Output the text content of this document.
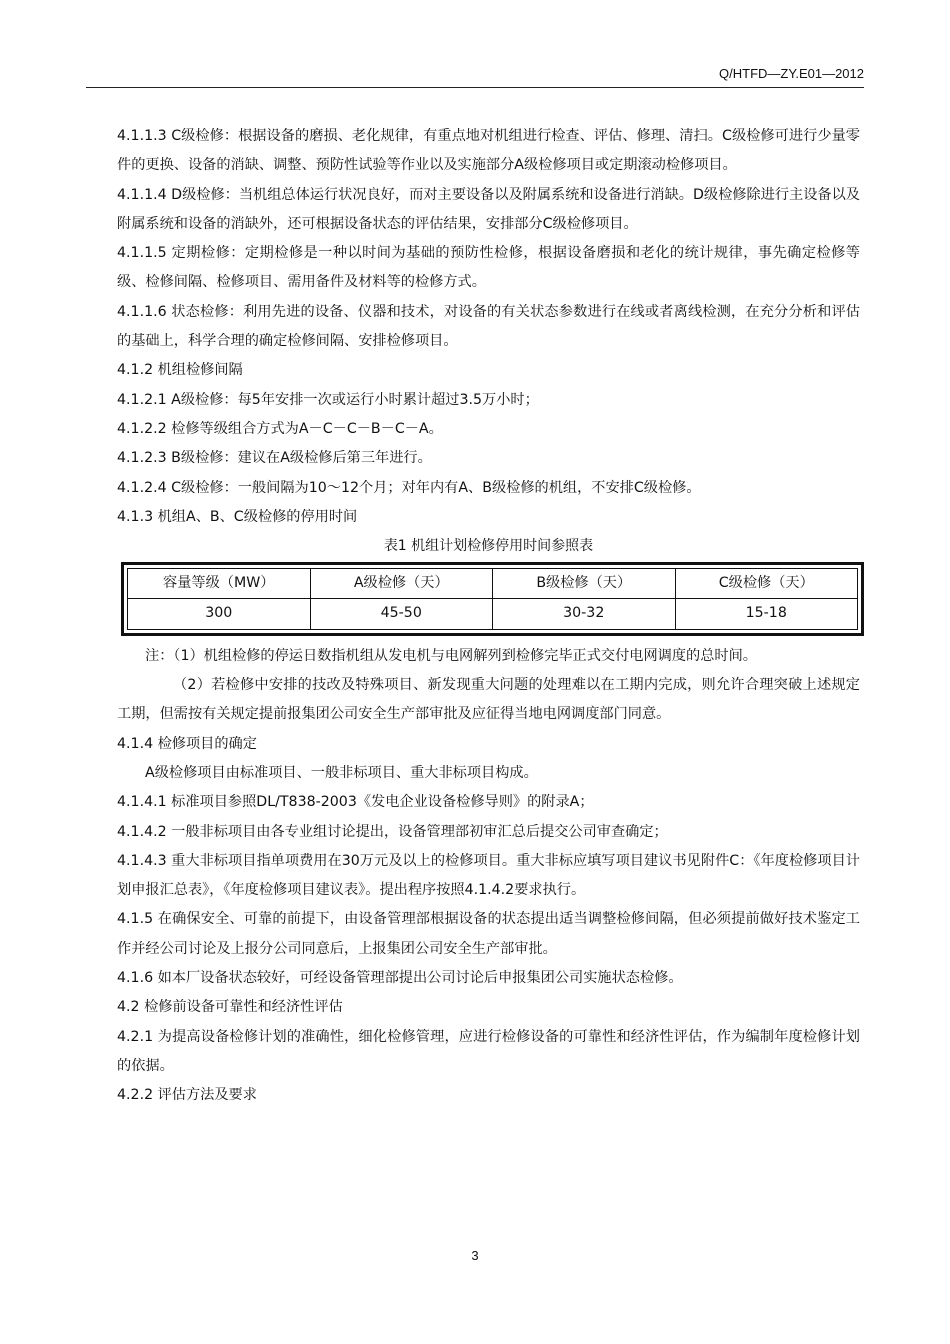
Q/HTFD—ZY.E01—2012

4.1.1.3 C级检修：根据设备的磨损、老化规律，有重点地对机组进行检查、评估、修理、清扫。C级检修可进行少量零件的更换、设备的消缺、调整、预防性试验等作业以及实施部分A级检修项目或定期滚动检修项目。

4.1.1.4 D级检修：当机组总体运行状况良好，而对主要设备以及附属系统和设备进行消缺。D级检修除进行主设备以及附属系统和设备的消缺外，还可根据设备状态的评估结果，安排部分C级检修项目。

4.1.1.5 定期检修：定期检修是一种以时间为基础的预防性检修，根据设备磨损和老化的统计规律，事先确定检修等级、检修间隔、检修项目、需用备件及材料等的检修方式。

4.1.1.6 状态检修：利用先进的设备、仪器和技术，对设备的有关状态参数进行在线或者离线检测，在充分分析和评估的基础上，科学合理的确定检修间隔、安排检修项目。

4.1.2 机组检修间隔

4.1.2.1 A级检修：每5年安排一次或运行小时累计超过3.5万小时；

4.1.2.2 检修等级组合方式为A－C－C－B－C－A。

4.1.2.3 B级检修：建议在A级检修后第三年进行。

4.1.2.4 C级检修：一般间隔为10～12个月；对年内有A、B级检修的机组，不安排C级检修。

4.1.3 机组A、B、C级检修的停用时间

表1 机组计划检修停用时间参照表
容量等级（MW）	A级检修（天）	B级检修（天）	C级检修（天）
300	45-50	30-32	15-18

注：（1）机组检修的停运日数指机组从发电机与电网解列到检修完毕正式交付电网调度的总时间。

（2）若检修中安排的技改及特殊项目、新发现重大问题的处理难以在工期内完成，则允许合理突破上述规定工期，但需按有关规定提前报集团公司安全生产部审批及应征得当地电网调度部门同意。

4.1.4 检修项目的确定

A级检修项目由标准项目、一般非标项目、重大非标项目构成。

4.1.4.1 标准项目参照DL/T838-2003《发电企业设备检修导则》的附录A；

4.1.4.2 一般非标项目由各专业组讨论提出，设备管理部初审汇总后提交公司审查确定；

4.1.4.3 重大非标项目指单项费用在30万元及以上的检修项目。重大非标应填写项目建议书见附件C：《年度检修项目计划申报汇总表》，《年度检修项目建议表》。提出程序按照4.1.4.2要求执行。

4.1.5 在确保安全、可靠的前提下，由设备管理部根据设备的状态提出适当调整检修间隔，但必须提前做好技术鉴定工作并经公司讨论及上报分公司同意后，上报集团公司安全生产部审批。

4.1.6 如本厂设备状态较好，可经设备管理部提出公司讨论后申报集团公司实施状态检修。

4.2 检修前设备可靠性和经济性评估

4.2.1 为提高设备检修计划的准确性，细化检修管理，应进行检修设备的可靠性和经济性评估，作为编制年度检修计划的依据。

4.2.2 评估方法及要求

3
